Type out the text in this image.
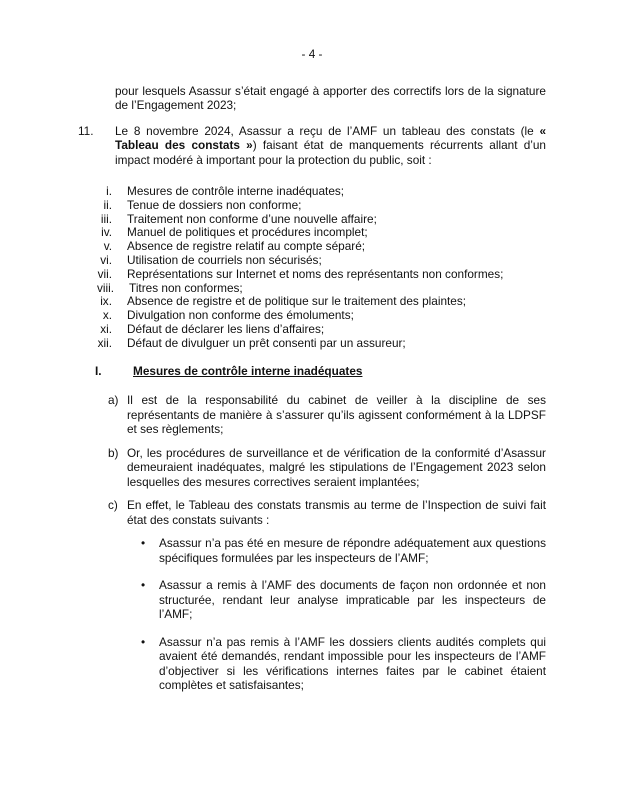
- 4 -

pour lesquels Asassur s’était engagé à apporter des correctifs lors de la signature de l’Engagement 2023;

11.	Le 8 novembre 2024, Asassur a reçu de l’AMF un tableau des constats (le « Tableau des constats ») faisant état de manquements récurrents allant d’un impact modéré à important pour la protection du public, soit :

i. Mesures de contrôle interne inadéquates;
ii. Tenue de dossiers non conforme;
iii. Traitement non conforme d’une nouvelle affaire;
iv. Manuel de politiques et procédures incomplet;
v. Absence de registre relatif au compte séparé;
vi. Utilisation de courriels non sécurisés;
vii. Représentations sur Internet et noms des représentants non conformes;
viii. Titres non conformes;
ix. Absence de registre et de politique sur le traitement des plaintes;
x. Divulgation non conforme des émoluments;
xi. Défaut de déclarer les liens d’affaires;
xii. Défaut de divulguer un prêt consenti par un assureur;
I.	Mesures de contrôle interne inadéquates
a) Il est de la responsabilité du cabinet de veiller à la discipline de ses représentants de manière à s’assurer qu’ils agissent conformément à la LDPSF et ses règlements;

b) Or, les procédures de surveillance et de vérification de la conformité d’Asassur demeuraient inadéquates, malgré les stipulations de l’Engagement 2023 selon lesquelles des mesures correctives seraient implantées;

c) En effet, le Tableau des constats transmis au terme de l’Inspection de suivi fait état des constats suivants :

•	Asassur n’a pas été en mesure de répondre adéquatement aux questions spécifiques formulées par les inspecteurs de l’AMF;

•	Asassur a remis à l’AMF des documents de façon non ordonnée et non structurée, rendant leur analyse impraticable par les inspecteurs de l’AMF;

•	Asassur n’a pas remis à l’AMF les dossiers clients audités complets qui avaient été demandés, rendant impossible pour les inspecteurs de l’AMF d’objectiver si les vérifications internes faites par le cabinet étaient complètes et satisfaisantes;
